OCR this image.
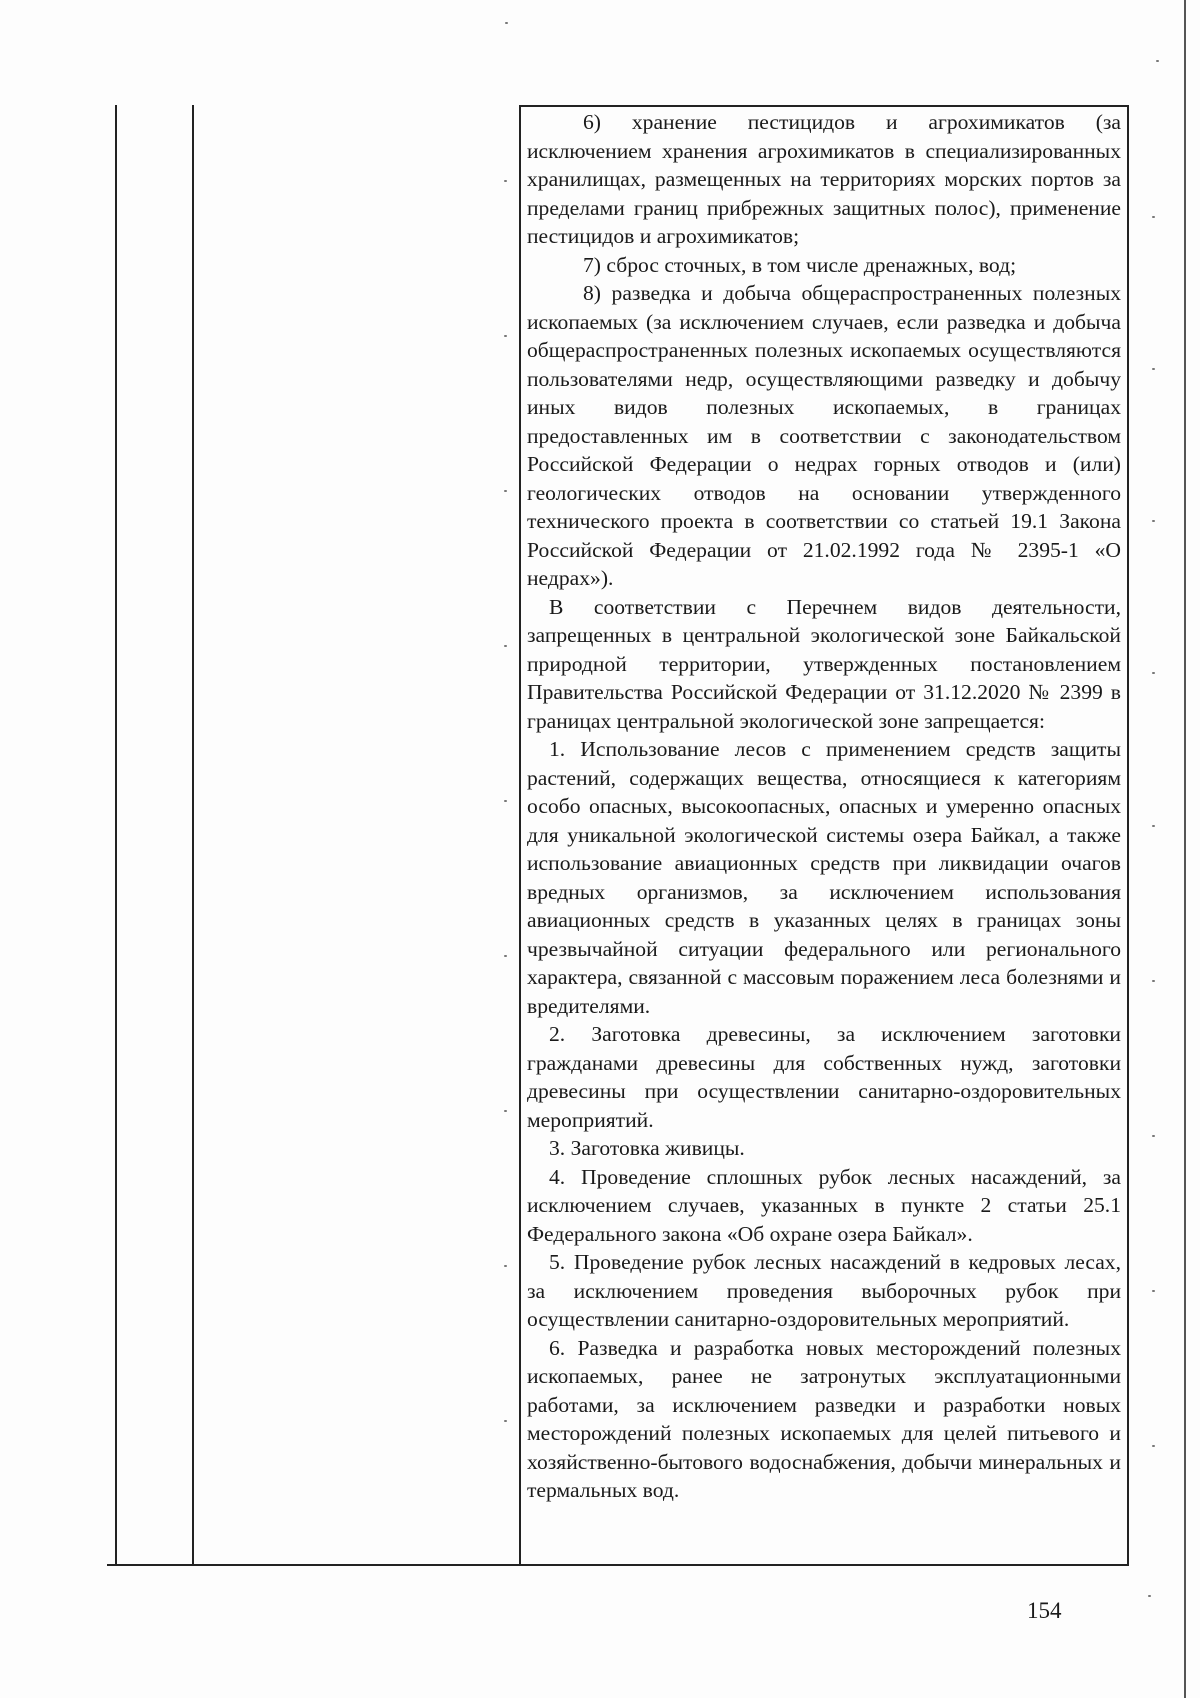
6) хранение пестицидов и агрохимикатов (за исключением хранения агрохимикатов в специализированных хранилищах, размещенных на территориях морских портов за пределами границ прибрежных защитных полос), применение пестицидов и агрохимикатов;

7) сброс сточных, в том числе дренажных, вод;

8) разведка и добыча общераспространенных полезных ископаемых (за исключением случаев, если разведка и добыча общераспространенных полезных ископаемых осуществляются пользователями недр, осуществляющими разведку и добычу иных видов полезных ископаемых, в границах предоставленных им в соответствии с законодательством Российской Федерации о недрах горных отводов и (или) геологических отводов на основании утвержденного технического проекта в соответствии со статьей 19.1 Закона Российской Федерации от 21.02.1992 года № 2395-1 «О недрах»).

В соответствии с Перечнем видов деятельности, запрещенных в центральной экологической зоне Байкальской природной территории, утвержденных постановлением Правительства Российской Федерации от 31.12.2020 № 2399 в границах центральной экологической зоне запрещается:

1. Использование лесов с применением средств защиты растений, содержащих вещества, относящиеся к категориям особо опасных, высокоопасных, опасных и умеренно опасных для уникальной экологической системы озера Байкал, а также использование авиационных средств при ликвидации очагов вредных организмов, за исключением использования авиационных средств в указанных целях в границах зоны чрезвычайной ситуации федерального или регионального характера, связанной с массовым поражением леса болезнями и вредителями.

2. Заготовка древесины, за исключением заготовки гражданами древесины для собственных нужд, заготовки древесины при осуществлении санитарно-оздоровительных мероприятий.

3. Заготовка живицы.

4. Проведение сплошных рубок лесных насаждений, за исключением случаев, указанных в пункте 2 статьи 25.1 Федерального закона «Об охране озера Байкал».

5. Проведение рубок лесных насаждений в кедровых лесах, за исключением проведения выборочных рубок при осуществлении санитарно-оздоровительных мероприятий.

6. Разведка и разработка новых месторождений полезных ископаемых, ранее не затронутых эксплуатационными работами, за исключением разведки и разработки новых месторождений полезных ископаемых для целей питьевого и хозяйственно-бытового водоснабжения, добычи минеральных и термальных вод.

154
